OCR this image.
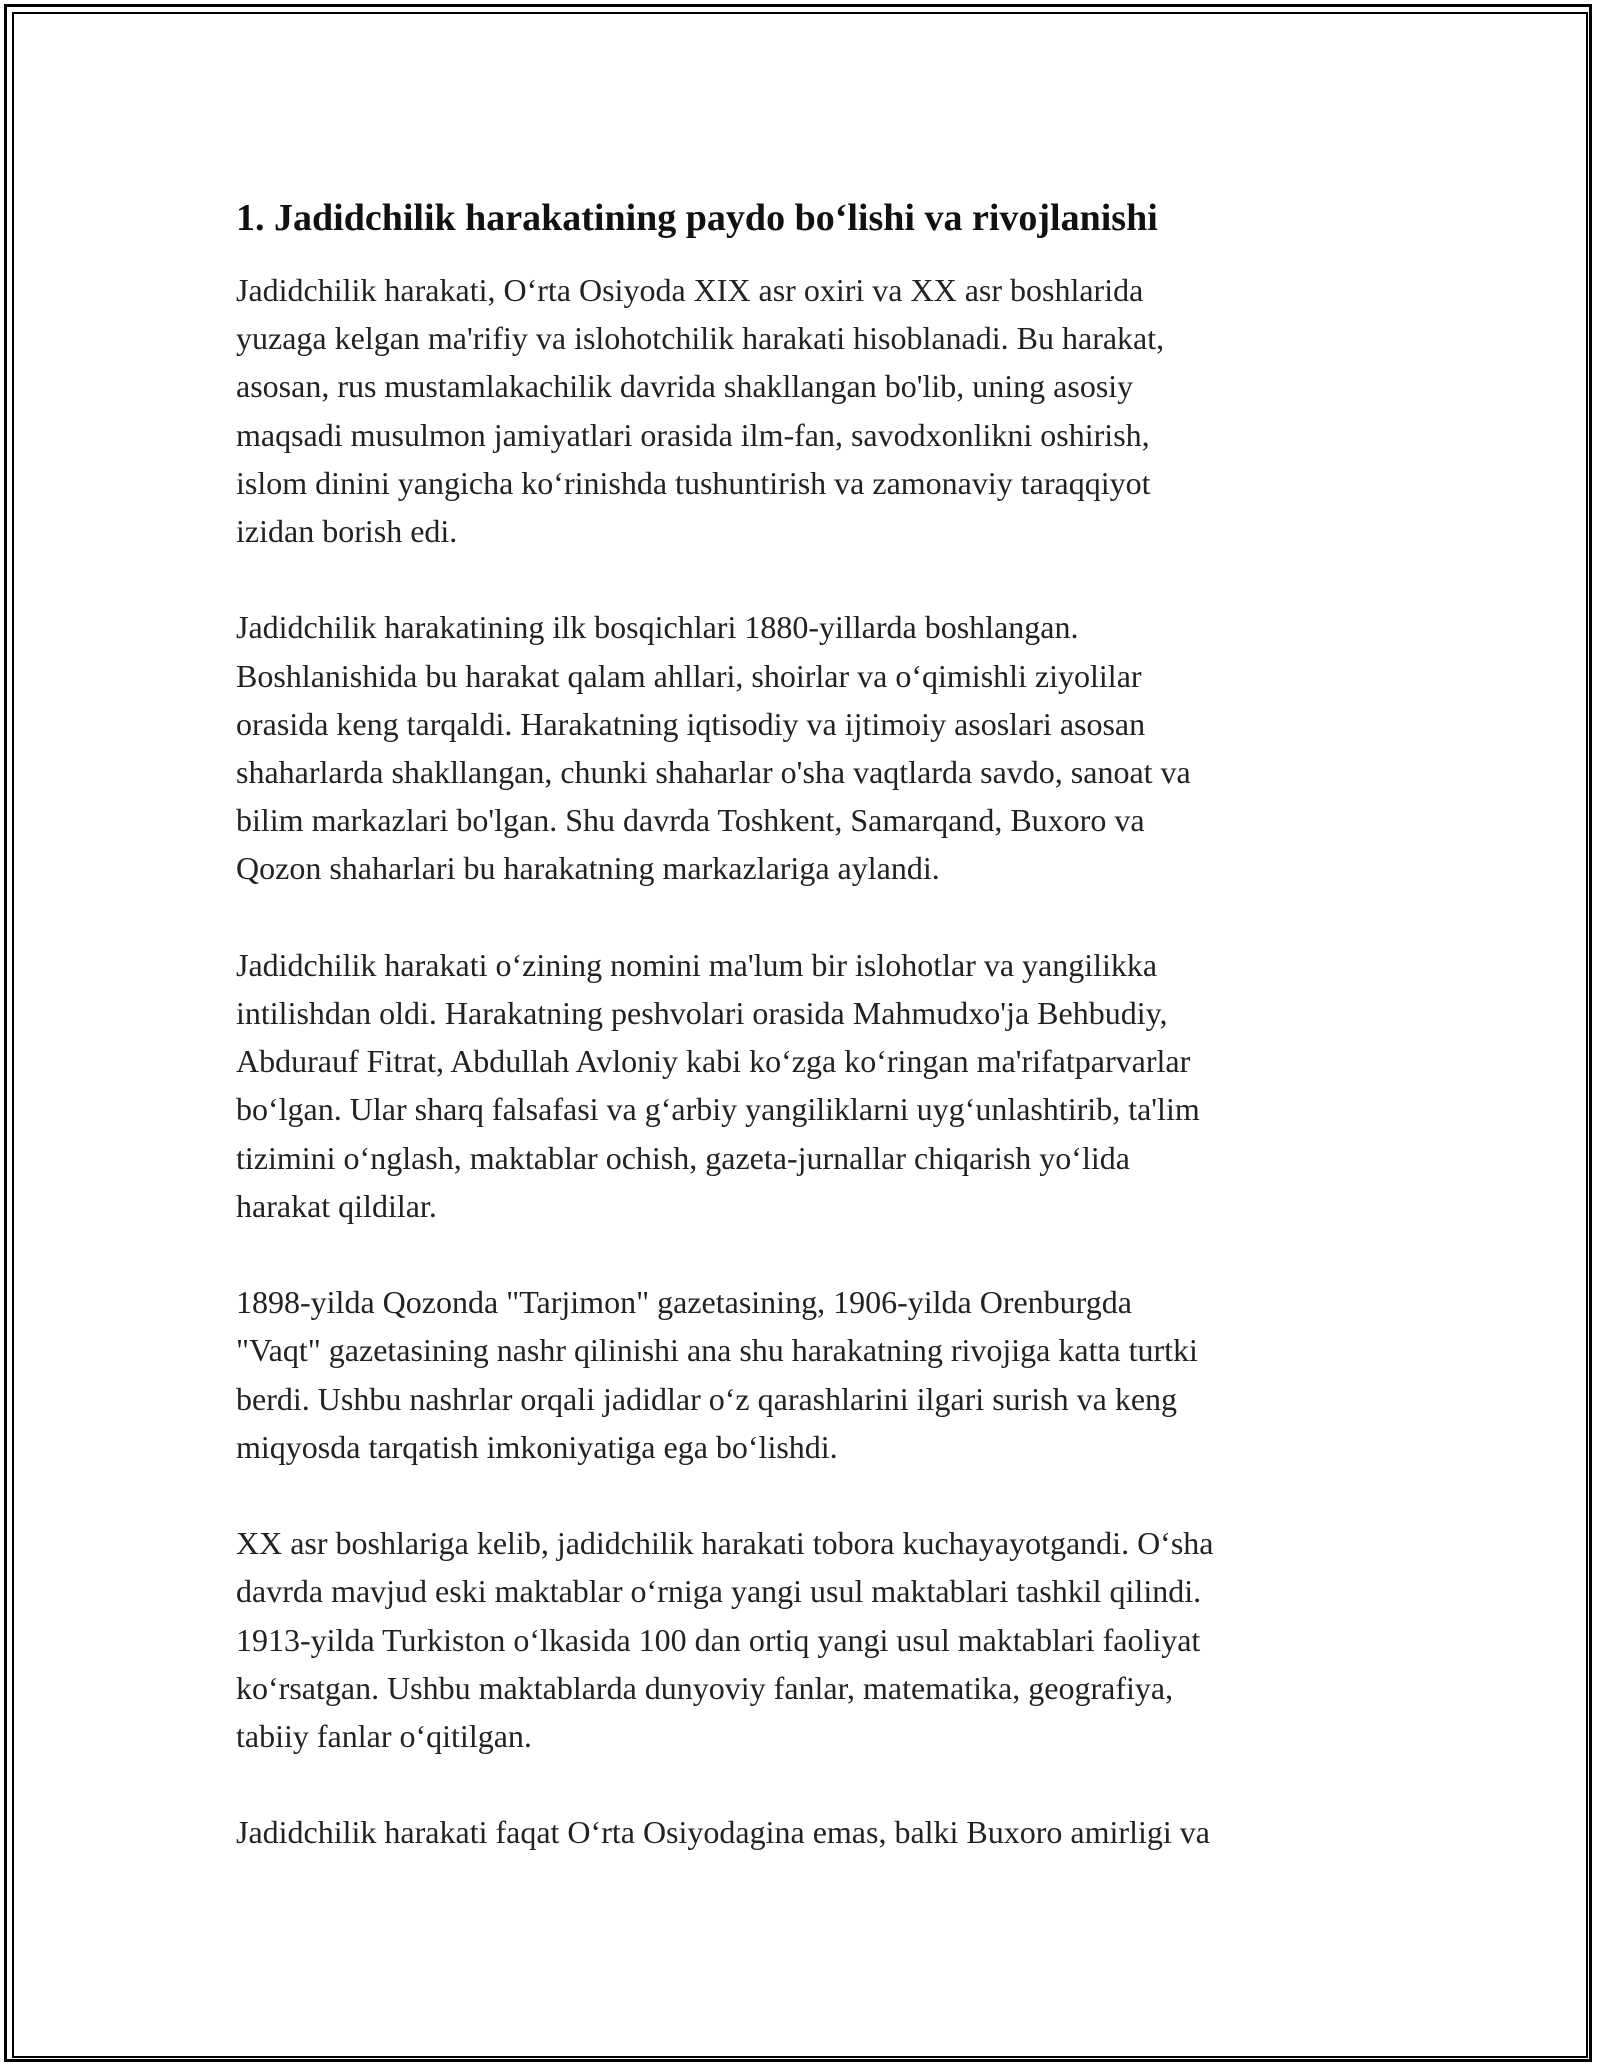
1. Jadidchilik harakatining paydo bo‘lishi va rivojlanishi

Jadidchilik harakati, O‘rta Osiyoda XIX asr oxiri va XX asr boshlarida
yuzaga kelgan ma'rifiy va islohotchilik harakati hisoblanadi. Bu harakat,
asosan, rus mustamlakachilik davrida shakllangan bo'lib, uning asosiy
maqsadi musulmon jamiyatlari orasida ilm-fan, savodxonlikni oshirish,
islom dinini yangicha ko‘rinishda tushuntirish va zamonaviy taraqqiyot
izidan borish edi.

Jadidchilik harakatining ilk bosqichlari 1880-yillarda boshlangan.
Boshlanishida bu harakat qalam ahllari, shoirlar va o‘qimishli ziyolilar
orasida keng tarqaldi. Harakatning iqtisodiy va ijtimoiy asoslari asosan
shaharlarda shakllangan, chunki shaharlar o'sha vaqtlarda savdo, sanoat va
bilim markazlari bo'lgan. Shu davrda Toshkent, Samarqand, Buxoro va
Qozon shaharlari bu harakatning markazlariga aylandi.

Jadidchilik harakati o‘zining nomini ma'lum bir islohotlar va yangilikka
intilishdan oldi. Harakatning peshvolari orasida Mahmudxo'ja Behbudiy,
Abdurauf Fitrat, Abdullah Avloniy kabi ko‘zga ko‘ringan ma'rifatparvarlar
bo‘lgan. Ular sharq falsafasi va g‘arbiy yangiliklarni uyg‘unlashtirib, ta'lim
tizimini o‘nglash, maktablar ochish, gazeta-jurnallar chiqarish yo‘lida
harakat qildilar.

1898-yilda Qozonda "Tarjimon" gazetasining, 1906-yilda Orenburgda
"Vaqt" gazetasining nashr qilinishi ana shu harakatning rivojiga katta turtki
berdi. Ushbu nashrlar orqali jadidlar o‘z qarashlarini ilgari surish va keng
miqyosda tarqatish imkoniyatiga ega bo‘lishdi.

XX asr boshlariga kelib, jadidchilik harakati tobora kuchayayotgandi. O‘sha
davrda mavjud eski maktablar o‘rniga yangi usul maktablari tashkil qilindi.
1913-yilda Turkiston o‘lkasida 100 dan ortiq yangi usul maktablari faoliyat
ko‘rsatgan. Ushbu maktablarda dunyoviy fanlar, matematika, geografiya,
tabiiy fanlar o‘qitilgan.

Jadidchilik harakati faqat O‘rta Osiyodagina emas, balki Buxoro amirligi va
